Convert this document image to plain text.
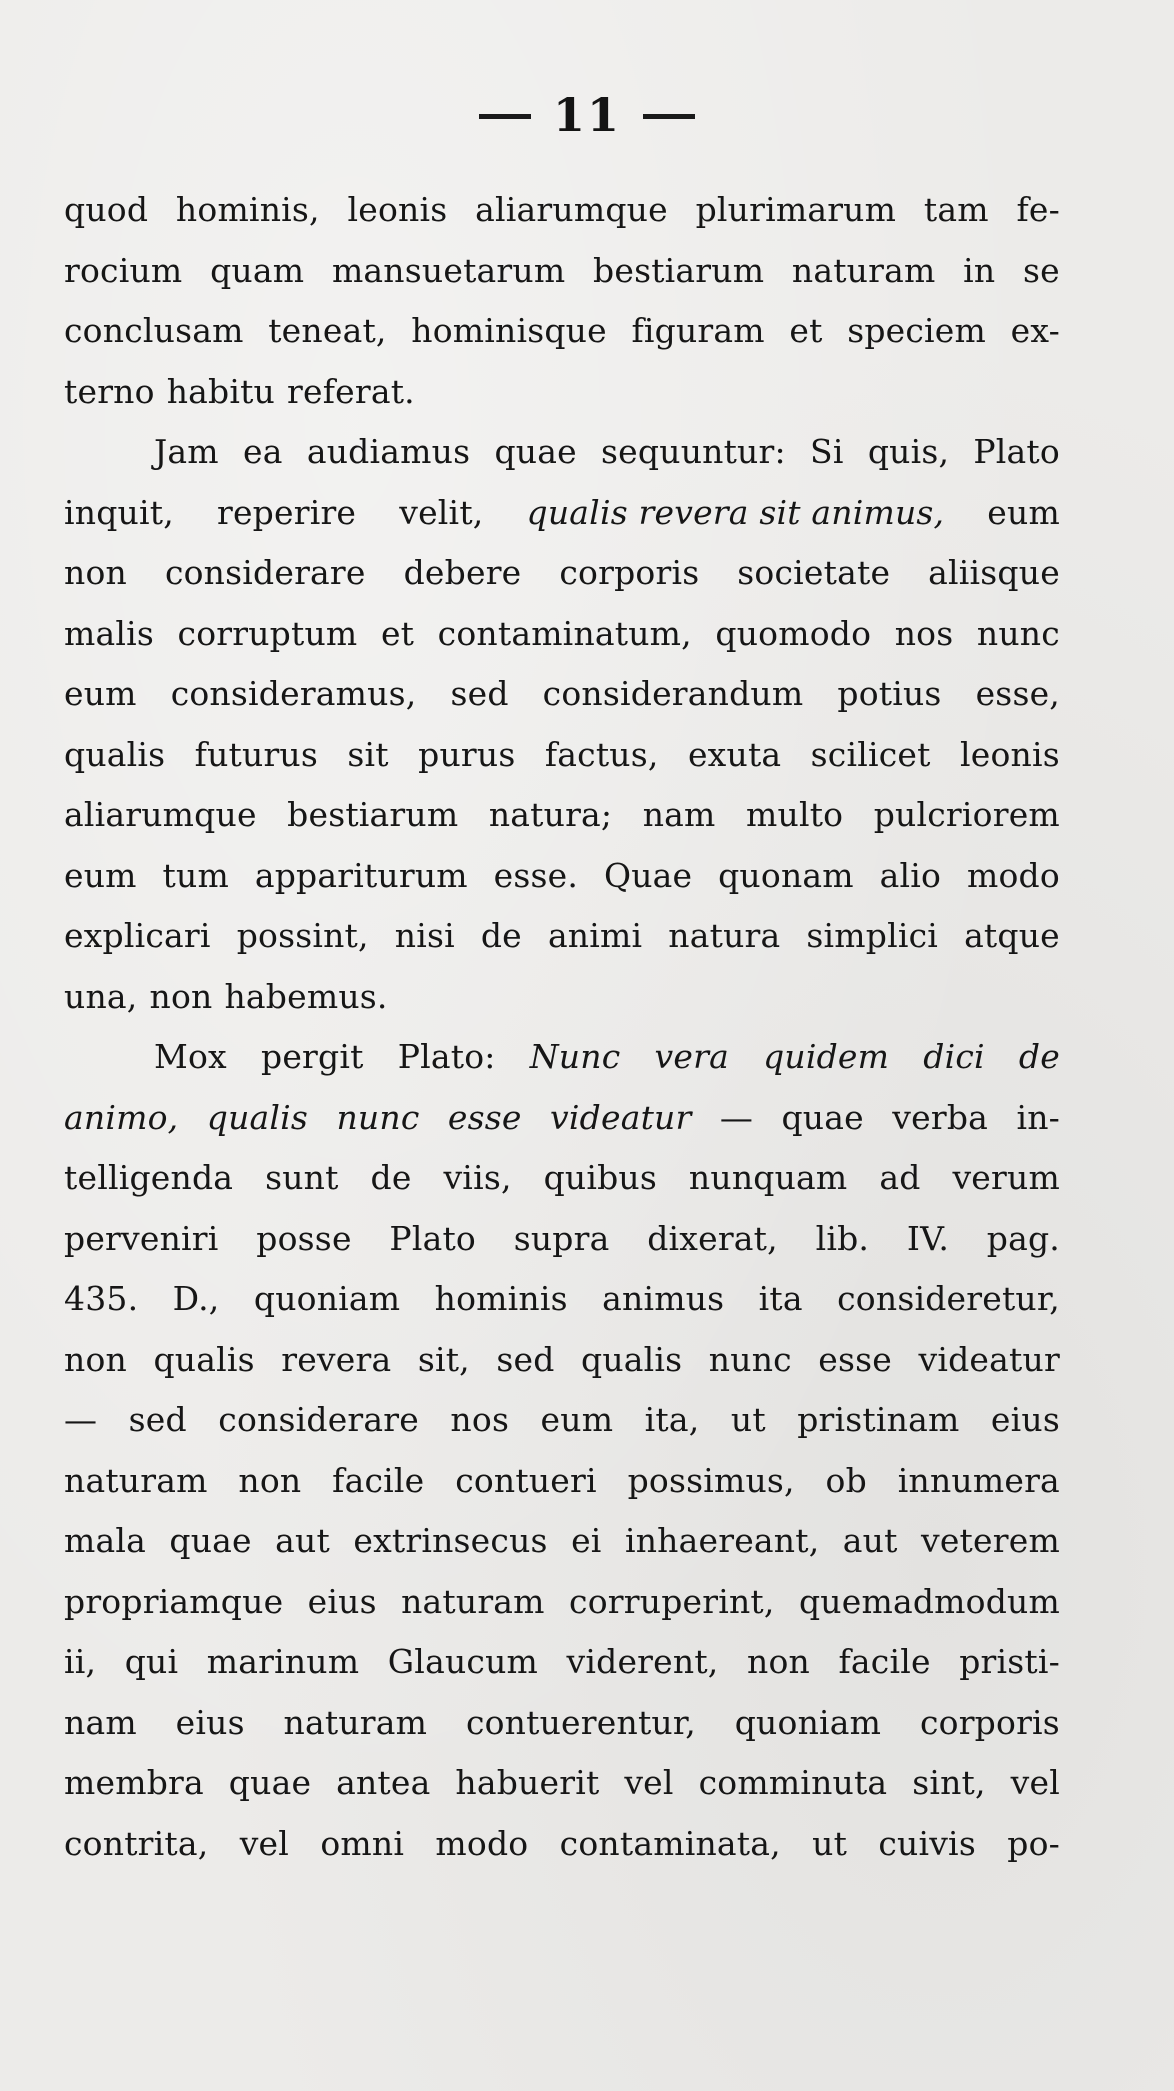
11
quod hominis, leonis aliarumque plurimarum tam fe-
rocium quam mansuetarum bestiarum naturam in se
conclusam teneat, hominisque figuram et speciem ex-
terno habitu referat.
Jam ea audiamus quae sequuntur: Si quis, Plato
inquit, reperire velit, qualis revera sit animus, eum
non considerare debere corporis societate aliisque
malis corruptum et contaminatum, quomodo nos nunc
eum consideramus, sed considerandum potius esse,
qualis futurus sit purus factus, exuta scilicet leonis
aliarumque bestiarum natura; nam multo pulcriorem
eum tum appariturum esse. Quae quonam alio modo
explicari possint, nisi de animi natura simplici atque
una, non habemus.
Mox pergit Plato: Nunc vera quidem dici de
animo, qualis nunc esse videatur — quae verba in-
telligenda sunt de viis, quibus nunquam ad verum
perveniri posse Plato supra dixerat, lib. IV. pag.
435. D., quoniam hominis animus ita consideretur,
non qualis revera sit, sed qualis nunc esse videatur
— sed considerare nos eum ita, ut pristinam eius
naturam non facile contueri possimus, ob innumera
mala quae aut extrinsecus ei inhaereant, aut veterem
propriamque eius naturam corruperint, quemadmodum
ii, qui marinum Glaucum viderent, non facile pristi-
nam eius naturam contuerentur, quoniam corporis
membra quae antea habuerit vel comminuta sint, vel
contrita, vel omni modo contaminata, ut cuivis po-
